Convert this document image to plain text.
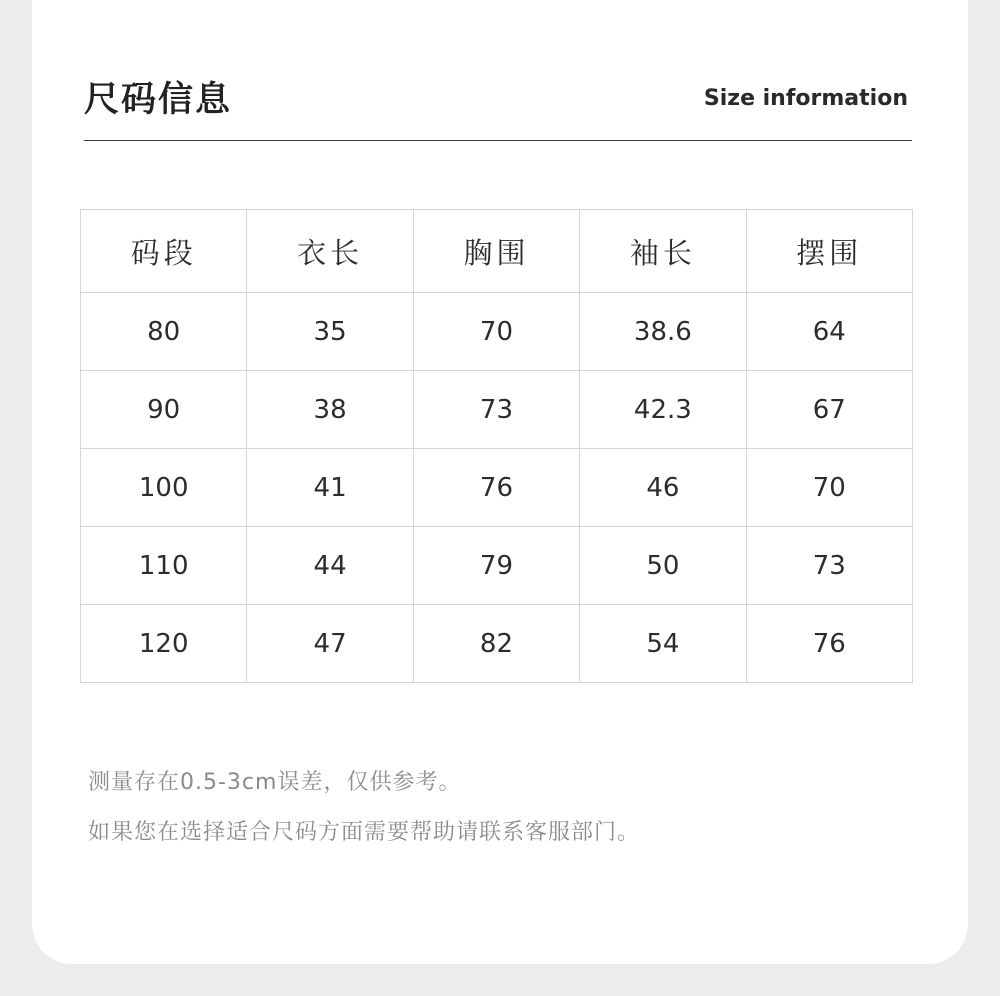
尺码信息	Size information
码段	衣长	胸围	袖长	摆围
80	35	70	38.6	64
90	38	73	42.3	67
100	41	76	46	70
110	44	79	50	73
120	47	82	54	76
测量存在0.5-3cm误差，仅供参考。
如果您在选择适合尺码方面需要帮助请联系客服部门。
